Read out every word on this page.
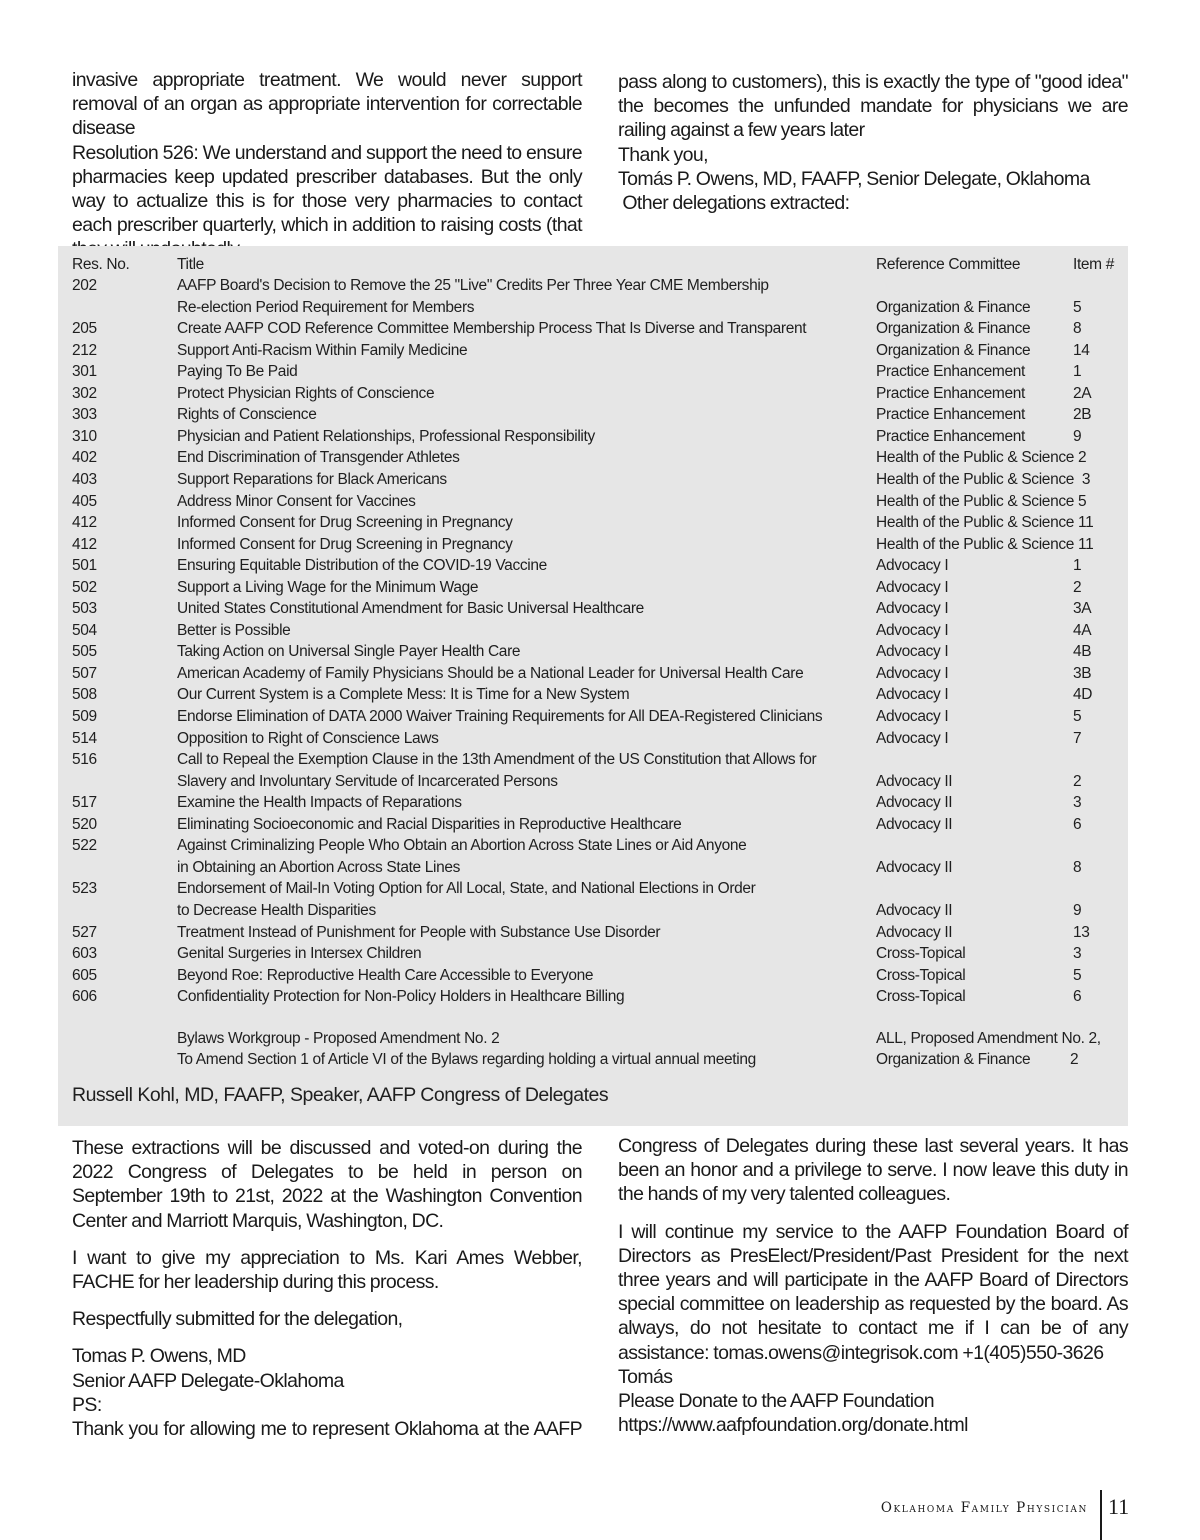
invasive appropriate treatment. We would never support removal of an organ as appropriate intervention for correctable disease

Resolution 526: We understand and support the need to ensure pharmacies keep updated prescriber databases. But the only way to actualize this is for those very pharmacies to contact each prescriber quarterly, which in addition to raising costs (that

pass along to customers), this is exactly the type of "good idea" the becomes the unfunded mandate for physicians we are railing against a few years later

Thank you,

Tomás P. Owens, MD, FAAFP, Senior Delegate, Oklahoma

Other delegations extracted:

Res. No.	Title	Reference Committee	Item #
202	AAFP Board's Decision to Remove the 25 "Live" Credits Per Three Year CME Membership
Re-election Period Requirement for Members	Organization & Finance	5
205	Create AAFP COD Reference Committee Membership Process That Is Diverse and Transparent	Organization & Finance	8
212	Support Anti-Racism Within Family Medicine	Organization & Finance	14
301	Paying To Be Paid	Practice Enhancement	1
302	Protect Physician Rights of Conscience	Practice Enhancement	2A
303	Rights of Conscience	Practice Enhancement	2B
310	Physician and Patient Relationships, Professional Responsibility	Practice Enhancement	9
402	End Discrimination of Transgender Athletes	Health of the Public & Science 2
403	Support Reparations for Black Americans	Health of the Public & Science  3
405	Address Minor Consent for Vaccines	Health of the Public & Science 5
412	Informed Consent for Drug Screening in Pregnancy	Health of the Public & Science 11
412	Informed Consent for Drug Screening in Pregnancy	Health of the Public & Science 11
501	Ensuring Equitable Distribution of the COVID-19 Vaccine	Advocacy I	1
502	Support a Living Wage for the Minimum Wage	Advocacy I	2
503	United States Constitutional Amendment for Basic Universal Healthcare	Advocacy I	3A
504	Better is Possible	Advocacy I	4A
505	Taking Action on Universal Single Payer Health Care	Advocacy I	4B
507	American Academy of Family Physicians Should be a National Leader for Universal Health Care	Advocacy I	3B
508	Our Current System is a Complete Mess: It is Time for a New System	Advocacy I	4D
509	Endorse Elimination of DATA 2000 Waiver Training Requirements for All DEA-Registered Clinicians	Advocacy I	5
514	Opposition to Right of Conscience Laws	Advocacy I	7
516	Call to Repeal the Exemption Clause in the 13th Amendment of the US Constitution that Allows for
Slavery and Involuntary Servitude of Incarcerated Persons	Advocacy II	2
517	Examine the Health Impacts of Reparations	Advocacy II	3
520	Eliminating Socioeconomic and Racial Disparities in Reproductive Healthcare	Advocacy II	6
522	Against Criminalizing People Who Obtain an Abortion Across State Lines or Aid Anyone
in Obtaining an Abortion Across State Lines	Advocacy II	8
523	Endorsement of Mail-In Voting Option for All Local, State, and National Elections in Order
to Decrease Health Disparities	Advocacy II	9
527	Treatment Instead of Punishment for People with Substance Use Disorder	Advocacy II	13
603	Genital Surgeries in Intersex Children	Cross-Topical	3
605	Beyond Roe: Reproductive Health Care Accessible to Everyone	Cross-Topical	5
606	Confidentiality Protection for Non-Policy Holders in Healthcare Billing	Cross-Topical	6
Bylaws Workgroup - Proposed Amendment No. 2	ALL, Proposed Amendment No. 2,
To Amend Section 1 of Article VI of the Bylaws regarding holding a virtual annual meeting	Organization & Finance	2
Russell Kohl, MD, FAAFP, Speaker, AAFP Congress of Delegates

These extractions will be discussed and voted-on during the 2022 Congress of Delegates to be held in person on September 19th to 21st, 2022 at the Washington Convention Center and Marriott Marquis, Washington, DC.

I want to give my appreciation to Ms. Kari Ames Webber, FACHE for her leadership during this process.

Respectfully submitted for the delegation,

Tomas P. Owens, MD

Senior AAFP Delegate-Oklahoma

PS:

Thank you for allowing me to represent Oklahoma at the AAFP

Congress of Delegates during these last several years. It has been an honor and a privilege to serve. I now leave this duty in the hands of my very talented colleagues.

I will continue my service to the AAFP Foundation Board of Directors as PresElect/President/Past President for the next three years and will participate in the AAFP Board of Directors special committee on leadership as requested by the board. As always, do not hesitate to contact me if I can be of any assistance: tomas.owens@integrisok.com +1(405)550-3626

Tomás

Please Donate to the AAFP Foundation https://www.aafpfoundation.org/donate.html

Oklahoma Family Physician 11
